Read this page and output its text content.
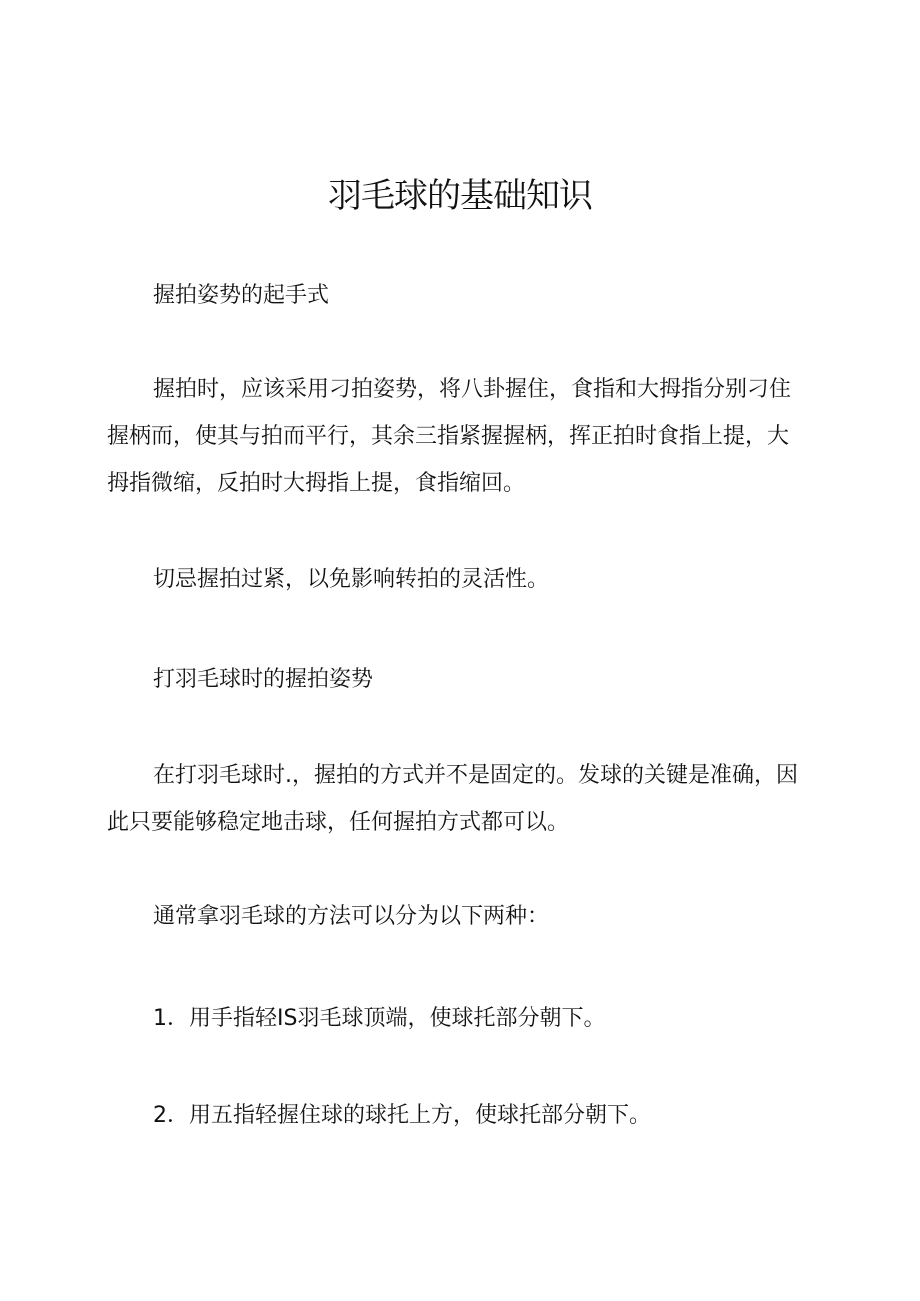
羽毛球的基础知识

握拍姿势的起手式

握拍时，应该采用刁拍姿势，将八卦握住，食指和大拇指分别刁住握柄而，使其与拍而平行，其余三指紧握握柄，挥正拍时食指上提，大拇指微缩，反拍时大拇指上提，食指缩回。

切忌握拍过紧，以免影响转拍的灵活性。

打羽毛球时的握拍姿势

在打羽毛球时.，握拍的方式并不是固定的。发球的关键是准确，因此只要能够稳定地击球，任何握拍方式都可以。

通常拿羽毛球的方法可以分为以下两种：

1．用手指轻IS羽毛球顶端，使球托部分朝下。

2．用五指轻握住球的球托上方，使球托部分朝下。
